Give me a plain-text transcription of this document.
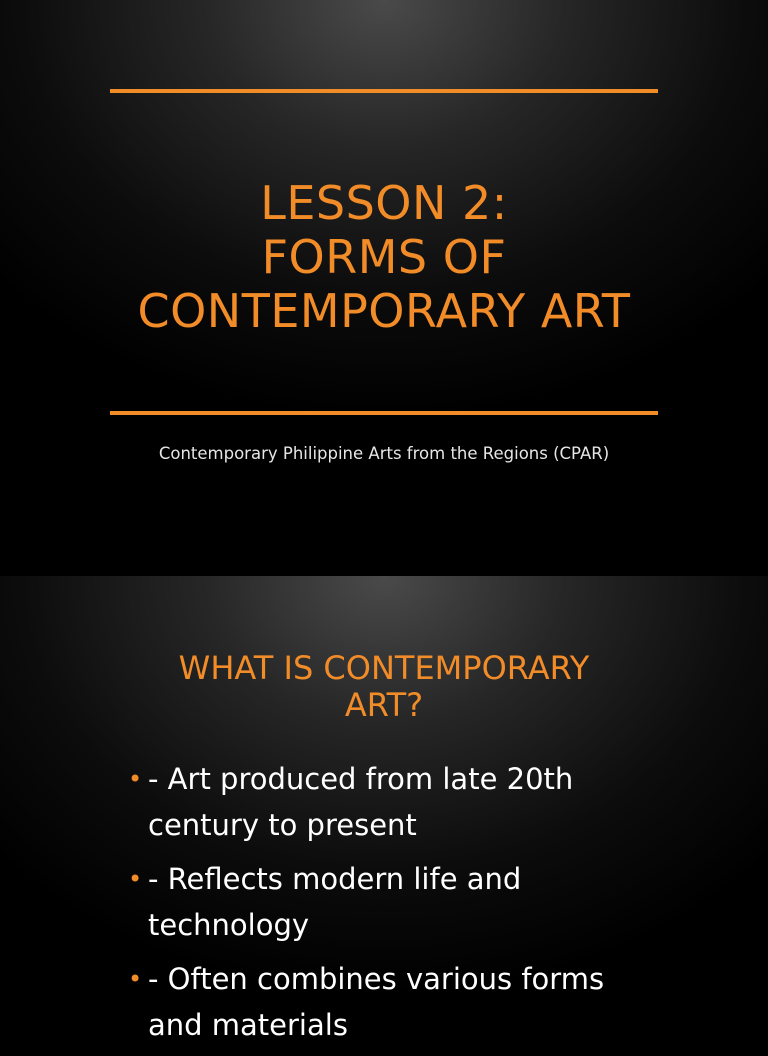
LESSON 2:
FORMS OF
CONTEMPORARY ART
Contemporary Philippine Arts from the Regions (CPAR)
WHAT IS CONTEMPORARY
ART?
• - Art produced from late 20th century to present
• - Reflects modern life and technology
• - Often combines various forms and materials
